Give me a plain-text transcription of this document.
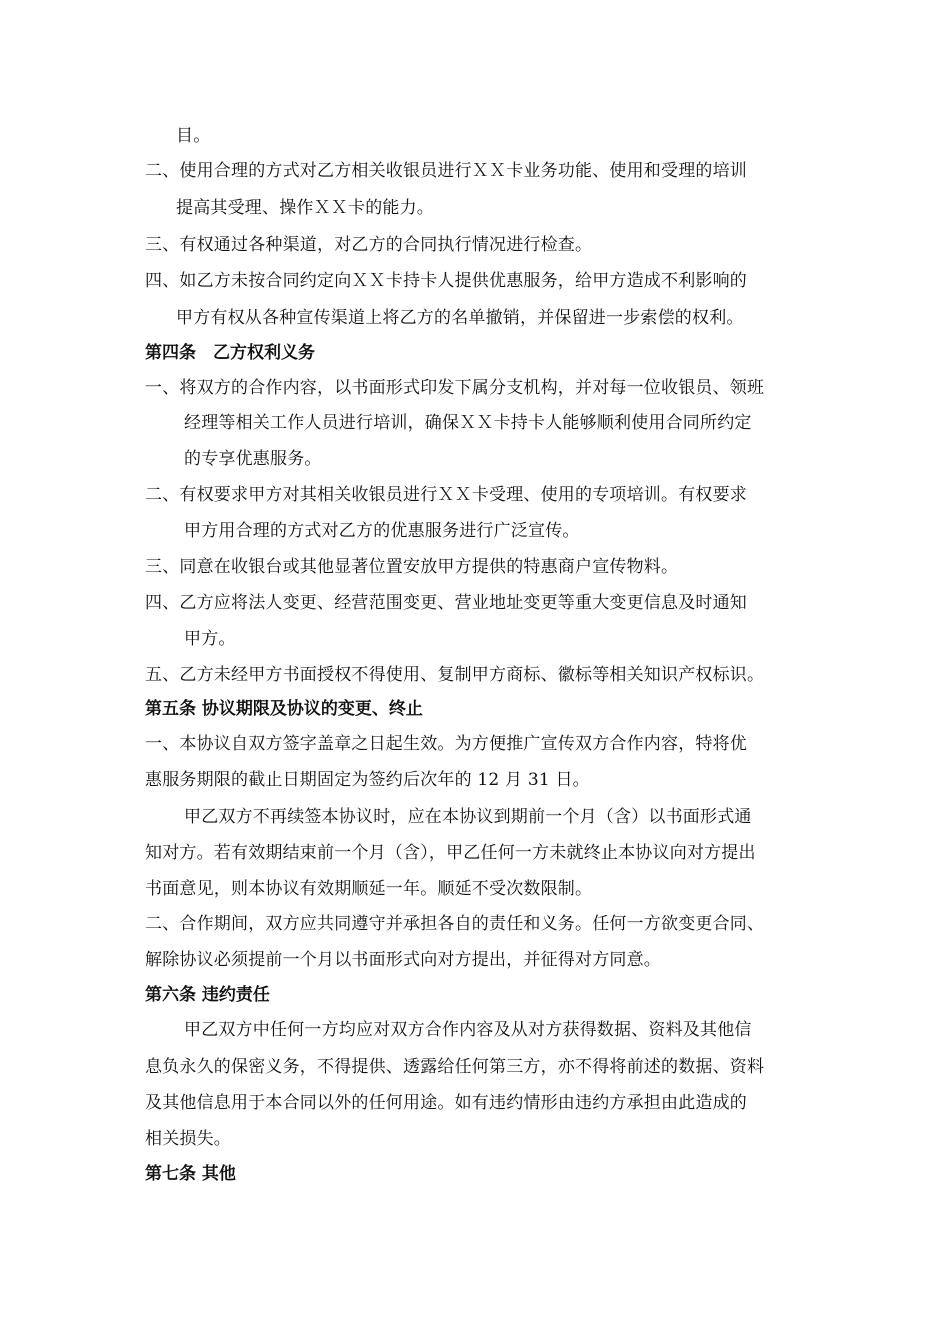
目。
二、使用合理的方式对乙方相关收银员进行ＸＸ卡业务功能、使用和受理的培训
提高其受理、操作ＸＸ卡的能力。
三、有权通过各种渠道，对乙方的合同执行情况进行检查。
四、如乙方未按合同约定向ＸＸ卡持卡人提供优惠服务，给甲方造成不利影响的
甲方有权从各种宣传渠道上将乙方的名单撤销，并保留进一步索偿的权利。
第四条　乙方权利义务
一、将双方的合作内容，以书面形式印发下属分支机构，并对每一位收银员、领班
经理等相关工作人员进行培训，确保ＸＸ卡持卡人能够顺利使用合同所约定
的专享优惠服务。
二、有权要求甲方对其相关收银员进行ＸＸ卡受理、使用的专项培训。有权要求
甲方用合理的方式对乙方的优惠服务进行广泛宣传。
三、同意在收银台或其他显著位置安放甲方提供的特惠商户宣传物料。
四、乙方应将法人变更、经营范围变更、营业地址变更等重大变更信息及时通知
甲方。
五、乙方未经甲方书面授权不得使用、复制甲方商标、徽标等相关知识产权标识。
第五条 协议期限及协议的变更、终止
一、本协议自双方签字盖章之日起生效。为方便推广宣传双方合作内容，特将优
惠服务期限的截止日期固定为签约后次年的 12 月 31 日。
甲乙双方不再续签本协议时，应在本协议到期前一个月（含）以书面形式通
知对方。若有效期结束前一个月（含），甲乙任何一方未就终止本协议向对方提出
书面意见，则本协议有效期顺延一年。顺延不受次数限制。
二、合作期间，双方应共同遵守并承担各自的责任和义务。任何一方欲变更合同、
解除协议必须提前一个月以书面形式向对方提出，并征得对方同意。
第六条 违约责任
甲乙双方中任何一方均应对双方合作内容及从对方获得数据、资料及其他信
息负永久的保密义务，不得提供、透露给任何第三方，亦不得将前述的数据、资料
及其他信息用于本合同以外的任何用途。如有违约情形由违约方承担由此造成的
相关损失。
第七条 其他
